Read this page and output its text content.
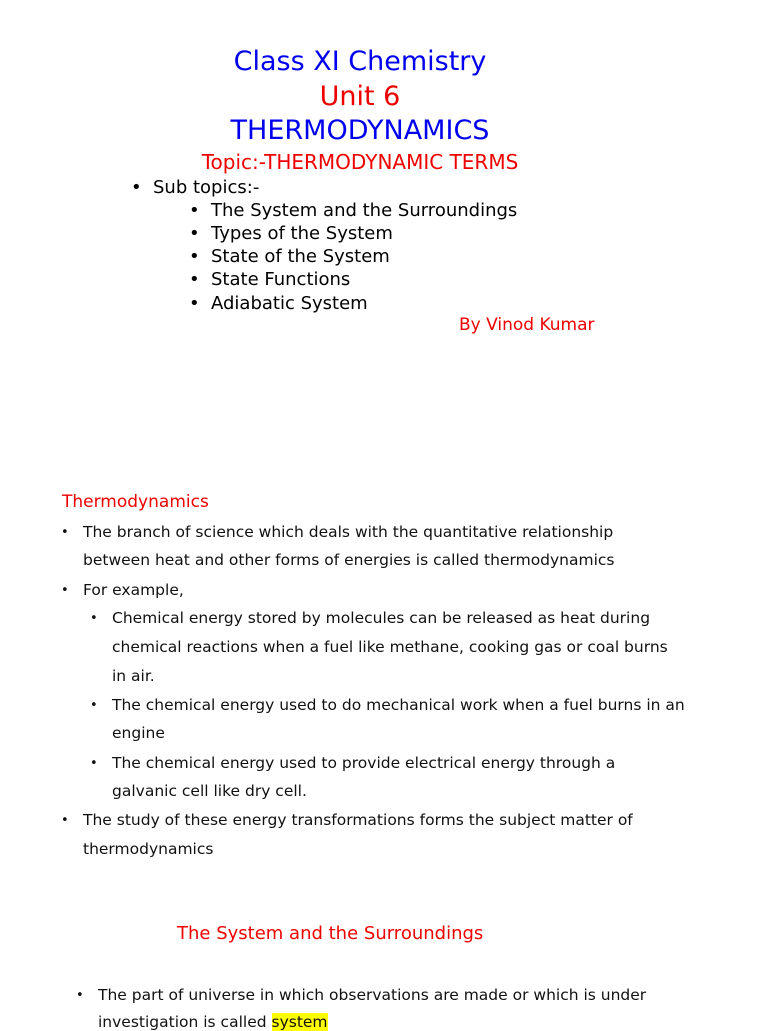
Class XI Chemistry
Unit 6
THERMODYNAMICS
Topic:-THERMODYNAMIC TERMS
• Sub topics:-
• The System and the Surroundings
• Types of the System
• State of the System
• State Functions
• Adiabatic System
By Vinod Kumar
Thermodynamics
• The branch of science which deals with the quantitative relationship
between heat and other forms of energies is called thermodynamics
• For example,
• Chemical energy stored by molecules can be released as heat during
chemical reactions when a fuel like methane, cooking gas or coal burns
in air.
• The chemical energy used to do mechanical work when a fuel burns in an
engine
• The chemical energy used to provide electrical energy through a
galvanic cell like dry cell.
• The study of these energy transformations forms the subject matter of
thermodynamics
The System and the Surroundings
• The part of universe in which observations are made or which is under
investigation is called system
